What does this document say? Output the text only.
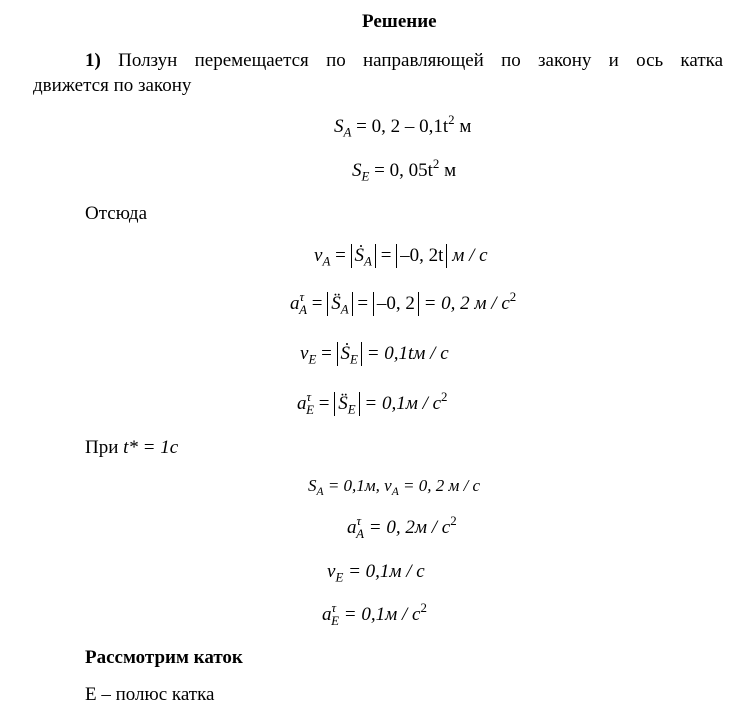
Решение
1) Ползун перемещается по направляющей по закону и ось катка
движется по закону
$S_A = 0$, $2 - 0,1t^2$ м
$S_E = 0$, $05t^2$ м
Отсюда
$v_A$ = Ṡ$_A$ = –0, 2t м / с
$a^\tau_A$ = $S̈_A = -0$, 2 = 0, 2 м / $с^2$
$v_E$ = Ṡ$_E$ = 0,1tм / с
$a^\tau_E$ = $S̈_E = 0,1м / с^2$
При t* = 1с
$S_A = 0,1м$, $v_A = 0$, 2 м / с
$a^\tau_A = 0$, $2м / с^2$
$v_E = 0,1м / с$
$a^\tau_E = 0,1м / с^2$
Рассмотрим каток
Е – полюс катка
